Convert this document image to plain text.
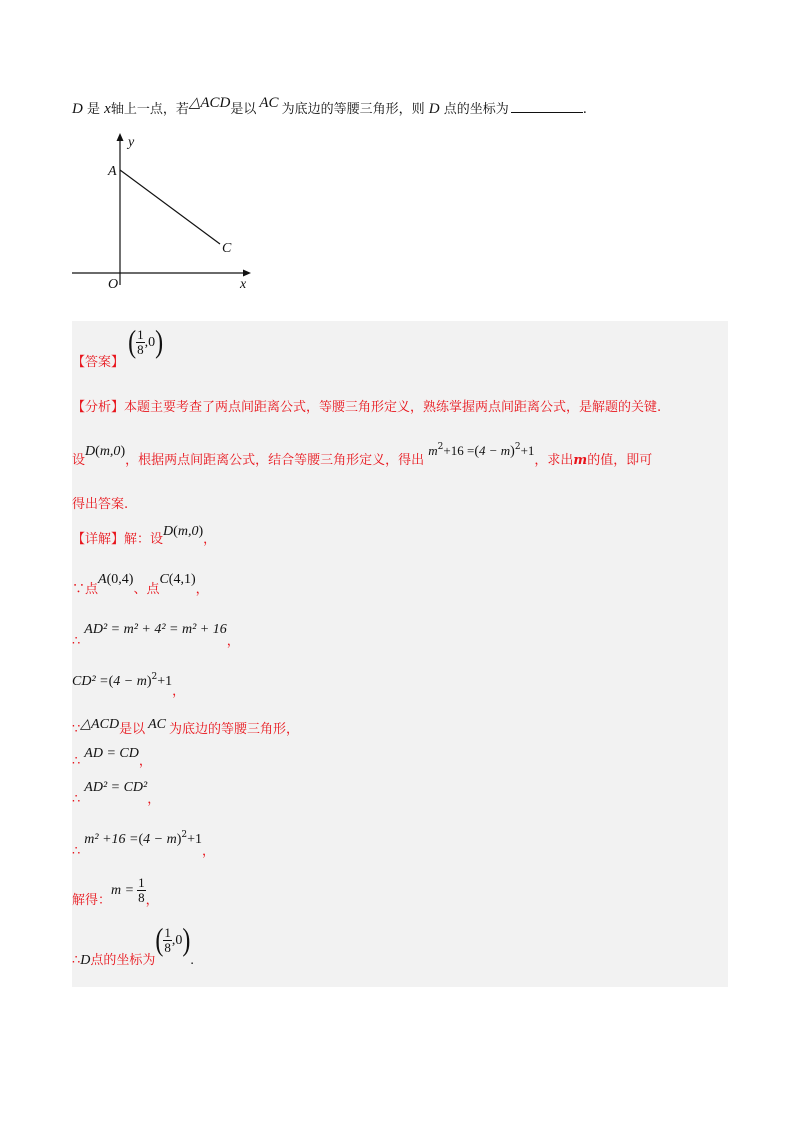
D 是 x轴上一点，若△ACD是以 AC 为底边的等腰三角形，则 D 点的坐标为	.
y
A
C
O	x
【答案】 ( $\frac{1}{8} ,0$)
【分析】本题主要考查了两点间距离公式，等腰三角形定义，熟练掌握两点间距离公式，是解题的关键.
设D(m,0)，根据两点间距离公式，结合等腰三角形定义，得出 $m^2+16 =(4 - m)^2+1$，求出m的值，即可
得出答案.
【详解】解：设D(m,0)，
∵点A(0,4)、点C(4,1)，
∴AD² = m² + 4² = m² + 16，
$CD^2 =(4 - m)^2+1$，
∵△ACD是以 AC 为底边的等腰三角形，
∴AD = CD，
∴AD² = CD²，
∴m² $+16 =(4 - m)^2+1$，
解得：$m = \frac{1}{8}$ ，
∴D点的坐标为( $\frac{1}{8} ,0$).
